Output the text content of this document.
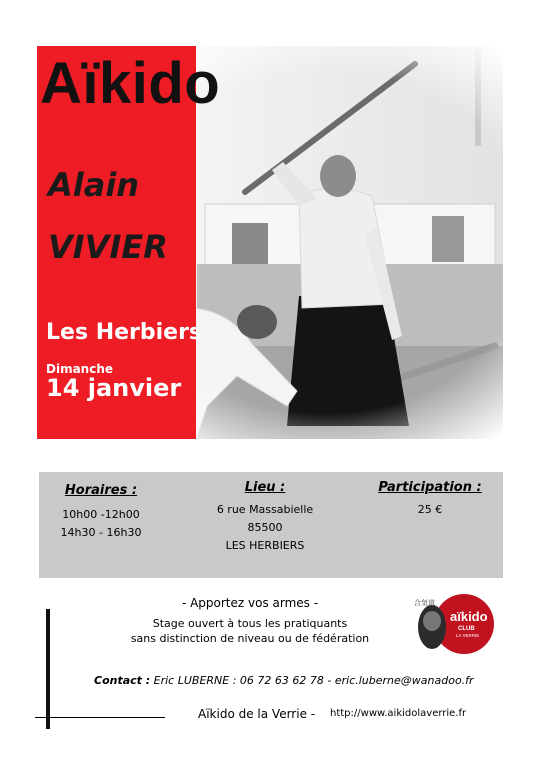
Aïkido
Alain
VIVIER
Les Herbiers
Dimanche
14 janvier
Horaires :
10h00 -12h00
14h30 - 16h30
Lieu :
6 rue Massabielle
85500
LES HERBIERS
Participation :
25 €
- Apportez vos armes -
Stage ouvert à tous les pratiquants
sans distinction de niveau ou de fédération
Contact : Eric LUBERNE : 06 72 63 62 78 - eric.luberne@wanadoo.fr
Aïkido de la Verrie - http://www.aikidolaverrie.fr
合気道
aïkido
CLUB
LA VERRIE
